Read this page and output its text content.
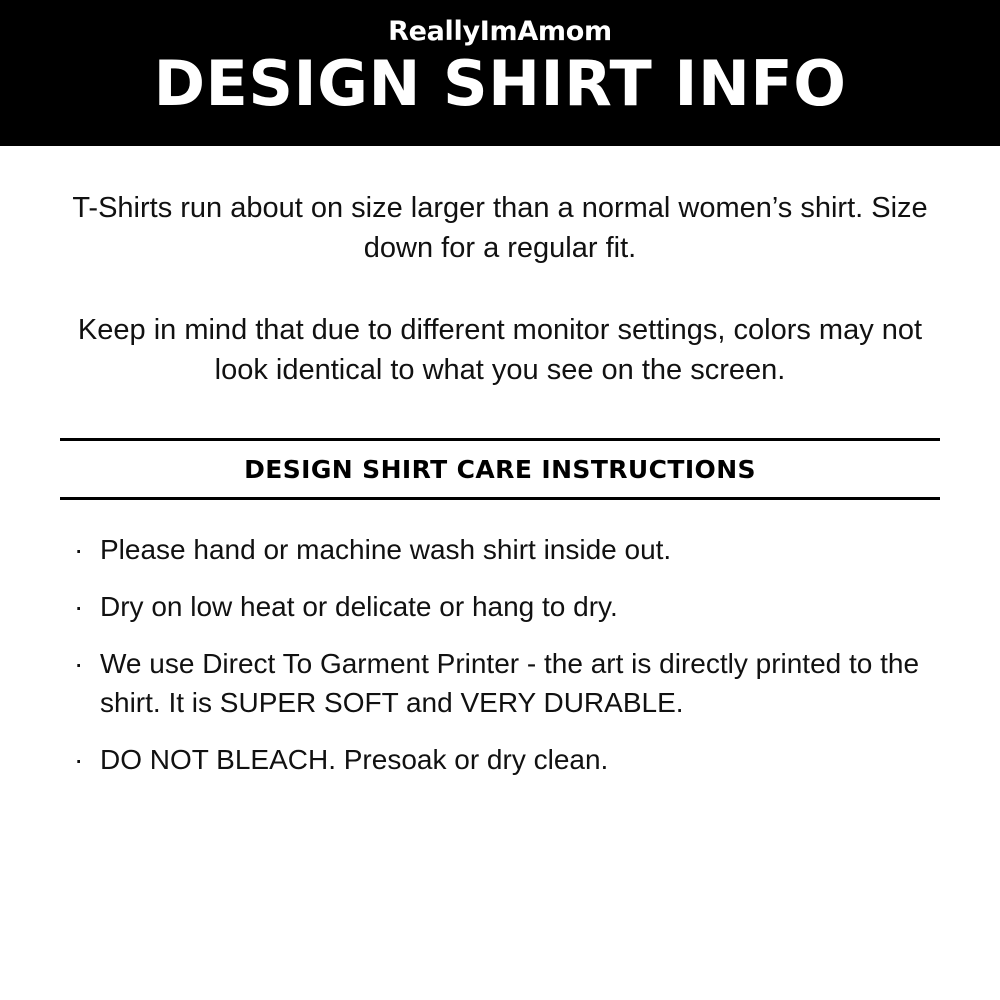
ReallyImAmom
DESIGN SHIRT INFO

T-Shirts run about on size larger than a normal women’s shirt. Size down for a regular fit.

Keep in mind that due to different monitor settings, colors may not look identical to what you see on the screen.

DESIGN SHIRT CARE INSTRUCTIONS
· Please hand or machine wash shirt inside out.
· Dry on low heat or delicate or hang to dry.
· We use Direct To Garment Printer - the art is directly printed to the shirt. It is SUPER SOFT and VERY DURABLE.
· DO NOT BLEACH. Presoak or dry clean.
